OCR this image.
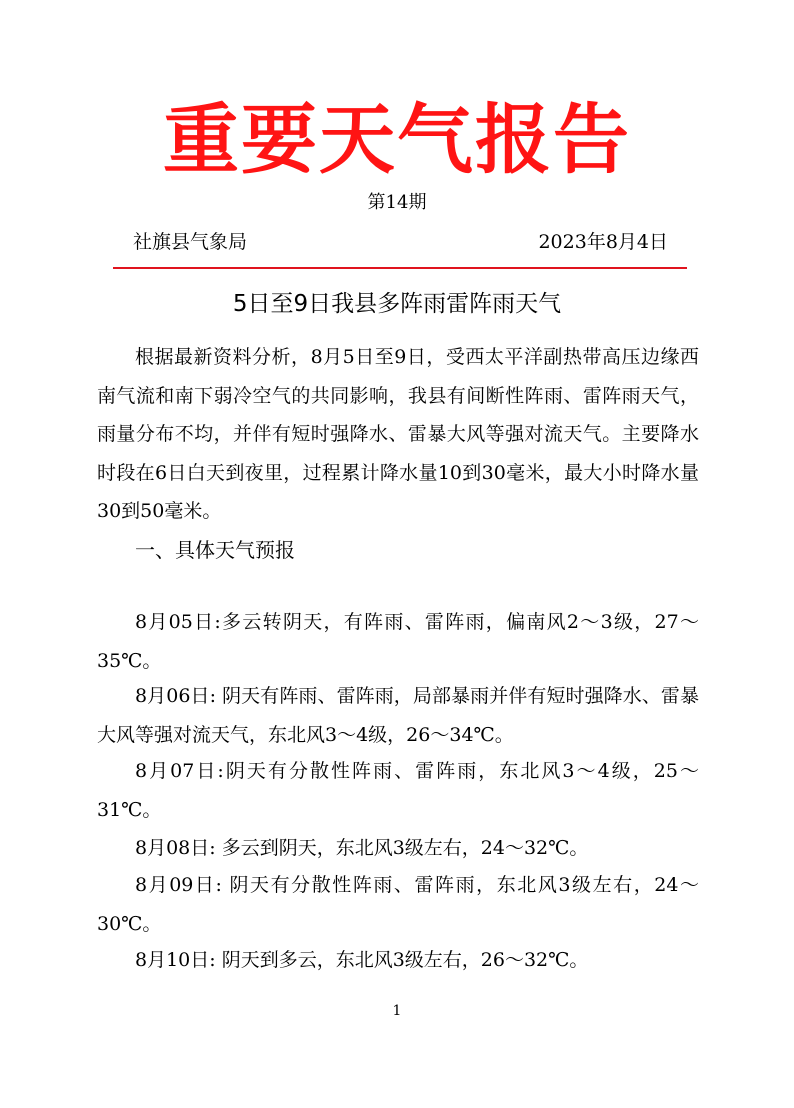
重要天气报告
第14期
社旗县气象局	2023年8月4日
5日至9日我县多阵雨雷阵雨天气

根据最新资料分析，8月5日至9日，受西太平洋副热带高压边缘西南气流和南下弱冷空气的共同影响，我县有间断性阵雨、雷阵雨天气，雨量分布不均，并伴有短时强降水、雷暴大风等强对流天气。主要降水时段在6日白天到夜里，过程累计降水量10到30毫米，最大小时降水量30到50毫米。

一、具体天气预报

8月05日:多云转阴天，有阵雨、雷阵雨，偏南风2～3级，27～35℃。

8月06日: 阴天有阵雨、雷阵雨，局部暴雨并伴有短时强降水、雷暴大风等强对流天气，东北风3～4级，26～34℃。

8月07日:阴天有分散性阵雨、雷阵雨，东北风3～4级，25～31℃。

8月08日: 多云到阴天，东北风3级左右，24～32℃。

8月09日: 阴天有分散性阵雨、雷阵雨，东北风3级左右，24～30℃。

8月10日: 阴天到多云，东北风3级左右，26～32℃。

1
